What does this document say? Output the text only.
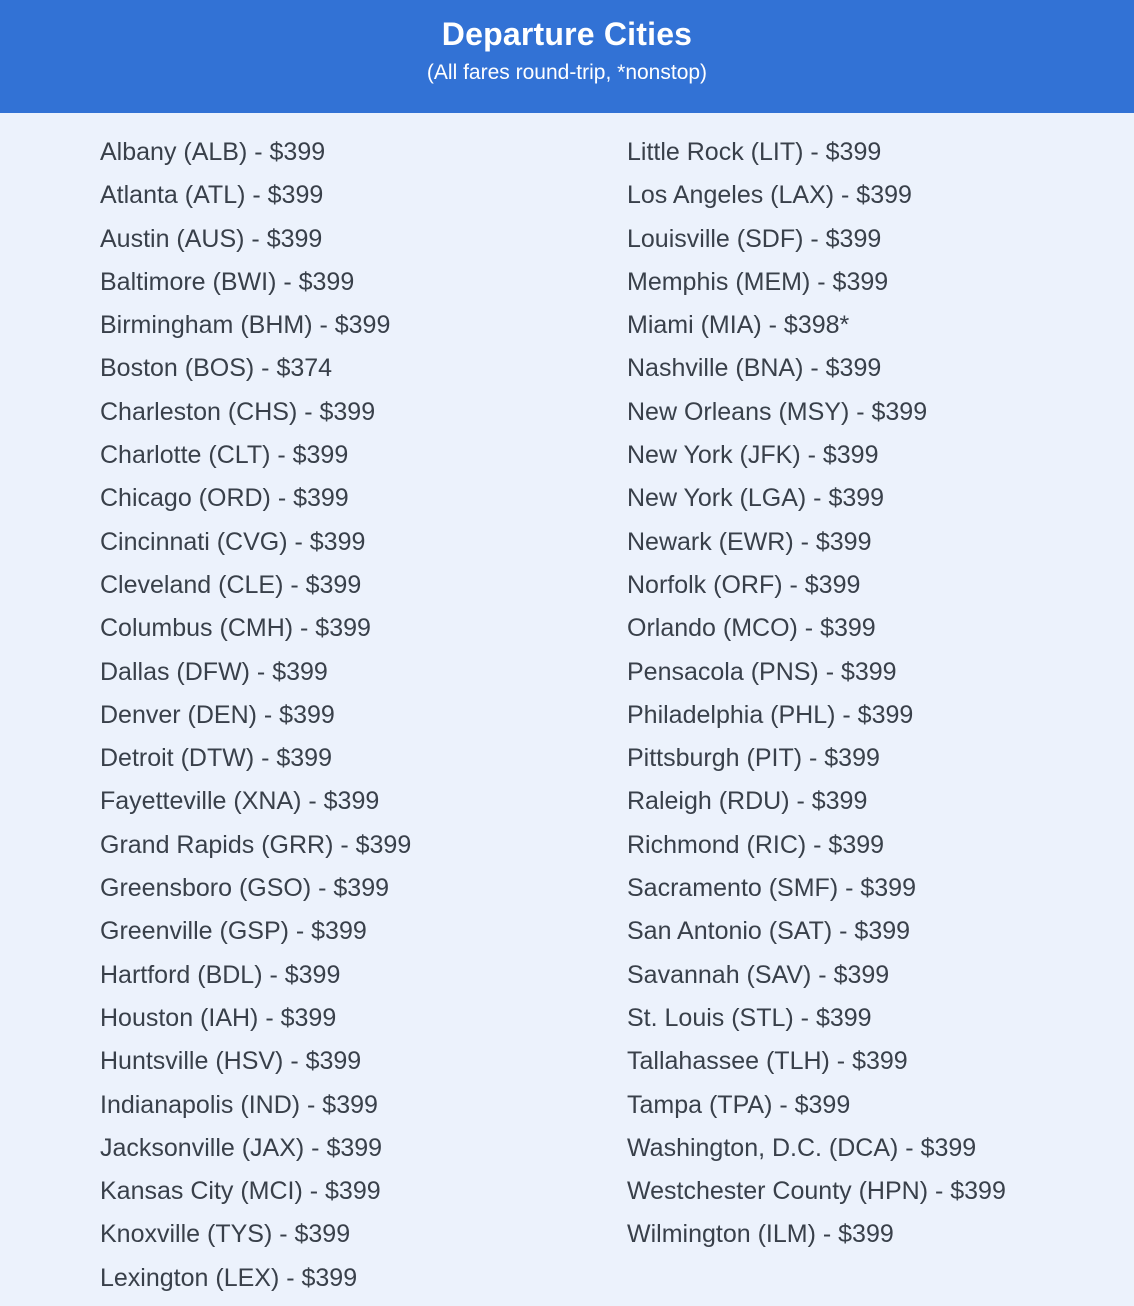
Departure Cities
(All fares round-trip, *nonstop)
Albany (ALB) - $399
Atlanta (ATL) - $399
Austin (AUS) - $399
Baltimore (BWI) - $399
Birmingham (BHM) - $399
Boston (BOS) - $374
Charleston (CHS) - $399
Charlotte (CLT) - $399
Chicago (ORD) - $399
Cincinnati (CVG) - $399
Cleveland (CLE) - $399
Columbus (CMH) - $399
Dallas (DFW) - $399
Denver (DEN) - $399
Detroit (DTW) - $399
Fayetteville (XNA) - $399
Grand Rapids (GRR) - $399
Greensboro (GSO) - $399
Greenville (GSP) - $399
Hartford (BDL) - $399
Houston (IAH) - $399
Huntsville (HSV) - $399
Indianapolis (IND) - $399
Jacksonville (JAX) - $399
Kansas City (MCI) - $399
Knoxville (TYS) - $399
Lexington (LEX) - $399
Little Rock (LIT) - $399
Los Angeles (LAX) - $399
Louisville (SDF) - $399
Memphis (MEM) - $399
Miami (MIA) - $398*
Nashville (BNA) - $399
New Orleans (MSY) - $399
New York (JFK) - $399
New York (LGA) - $399
Newark (EWR) - $399
Norfolk (ORF) - $399
Orlando (MCO) - $399
Pensacola (PNS) - $399
Philadelphia (PHL) - $399
Pittsburgh (PIT) - $399
Raleigh (RDU) - $399
Richmond (RIC) - $399
Sacramento (SMF) - $399
San Antonio (SAT) - $399
Savannah (SAV) - $399
St. Louis (STL) - $399
Tallahassee (TLH) - $399
Tampa (TPA) - $399
Washington, D.C. (DCA) - $399
Westchester County (HPN) - $399
Wilmington (ILM) - $399
